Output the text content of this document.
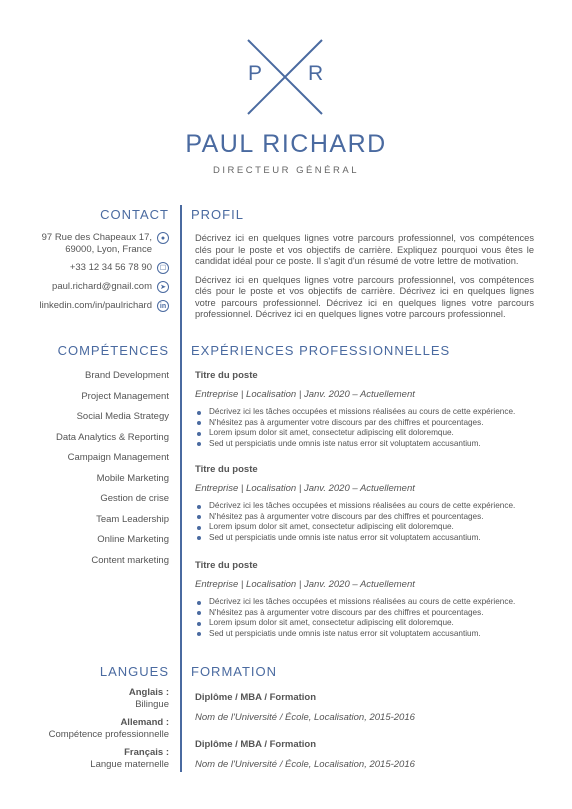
P R
PAUL RICHARD
DIRECTEUR GÉNÉRAL
CONTACT
97 Rue des Chapeaux 17,
69000, Lyon, France
●
+33 12 34 56 78 90	☐
paul.richard@gnail.com	➤
linkedin.com/in/paulrichard	in
COMPÉTENCES
Brand Development
Project Management
Social Media Strategy
Data Analytics & Reporting
Campaign Management
Mobile Marketing
Gestion de crise
Team Leadership
Online Marketing
Content marketing
LANGUES
Anglais :
Bilingue
Allemand :
Compétence professionnelle
Français :
Langue maternelle
PROFIL

Décrivez ici en quelques lignes votre parcours professionnel, vos compétences clés pour le poste et vos objectifs de carrière. Expliquez pourquoi vous êtes le candidat idéal pour ce poste. Il s'agit d'un résumé de votre lettre de motivation.

Décrivez ici en quelques lignes votre parcours professionnel, vos compétences clés pour le poste et vos objectifs de carrière. Décrivez ici en quelques lignes votre parcours professionnel. Décrivez ici en quelques lignes votre parcours professionnel. Décrivez ici en quelques lignes votre parcours professionnel.

EXPÉRIENCES PROFESSIONNELLES
Titre du poste
Entreprise | Localisation | Janv. 2020 – Actuellement
Décrivez ici les tâches occupées et missions réalisées au cours de cette expérience.
N'hésitez pas à argumenter votre discours par des chiffres et pourcentages.
Lorem ipsum dolor sit amet, consectetur adipiscing elit doloremque.
Sed ut perspiciatis unde omnis iste natus error sit voluptatem accusantium.
Titre du poste
Entreprise | Localisation | Janv. 2020 – Actuellement
Décrivez ici les tâches occupées et missions réalisées au cours de cette expérience.
N'hésitez pas à argumenter votre discours par des chiffres et pourcentages.
Lorem ipsum dolor sit amet, consectetur adipiscing elit doloremque.
Sed ut perspiciatis unde omnis iste natus error sit voluptatem accusantium.
Titre du poste
Entreprise | Localisation | Janv. 2020 – Actuellement
Décrivez ici les tâches occupées et missions réalisées au cours de cette expérience.
N'hésitez pas à argumenter votre discours par des chiffres et pourcentages.
Lorem ipsum dolor sit amet, consectetur adipiscing elit doloremque.
Sed ut perspiciatis unde omnis iste natus error sit voluptatem accusantium.
FORMATION
Diplôme / MBA / Formation
Nom de l'Université / École, Localisation, 2015-2016
Diplôme / MBA / Formation
Nom de l'Université / École, Localisation, 2015-2016
